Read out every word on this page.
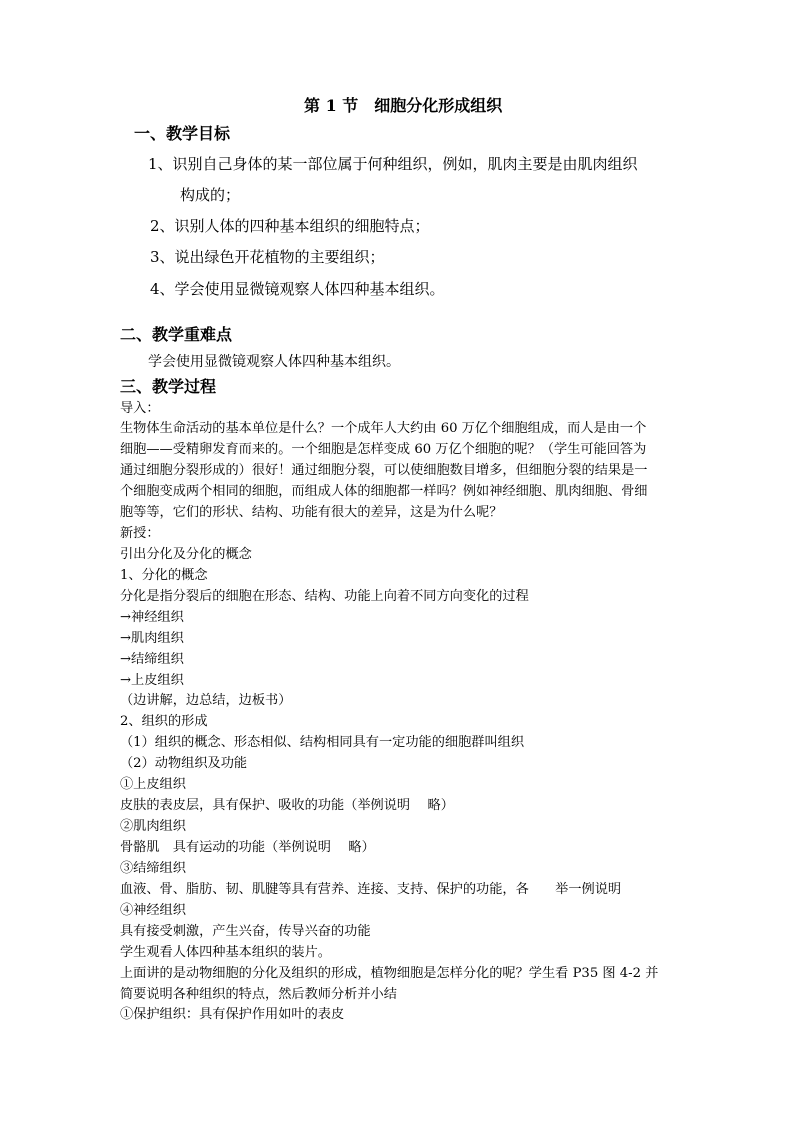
第 1 节　细胞分化形成组织
一、教学目标
1、识别自己身体的某一部位属于何种组织，例如，肌肉主要是由肌肉组织
构成的；
2、识别人体的四种基本组织的细胞特点；
3、说出绿色开花植物的主要组织；
4、学会使用显微镜观察人体四种基本组织。
二、教学重难点
学会使用显微镜观察人体四种基本组织。
三、教学过程
导入：
生物体生命活动的基本单位是什么？一个成年人大约由 60 万亿个细胞组成，而人是由一个
细胞——受精卵发育而来的。一个细胞是怎样变成 60 万亿个细胞的呢？（学生可能回答为
通过细胞分裂形成的）很好！通过细胞分裂，可以使细胞数目增多，但细胞分裂的结果是一
个细胞变成两个相同的细胞，而组成人体的细胞都一样吗？例如神经细胞、肌肉细胞、骨细
胞等等，它们的形状、结构、功能有很大的差异，这是为什么呢？
新授：
引出分化及分化的概念
1、分化的概念
分化是指分裂后的细胞在形态、结构、功能上向着不同方向变化的过程
→神经组织
→肌肉组织
→结缔组织
→上皮组织
（边讲解，边总结，边板书）
2、组织的形成
（1）组织的概念、形态相似、结构相同具有一定功能的细胞群叫组织
（2）动物组织及功能
①上皮组织
皮肤的表皮层，具有保护、吸收的功能（举例说明　 略）
②肌肉组织
骨骼肌　具有运动的功能（举例说明　 略）
③结缔组织
血液、骨、脂肪、韧、肌腱等具有营养、连接、支持、保护的功能，各　　举一例说明
④神经组织
具有接受刺激，产生兴奋，传导兴奋的功能
学生观看人体四种基本组织的装片。
上面讲的是动物细胞的分化及组织的形成，植物细胞是怎样分化的呢？学生看 P35 图 4-2 并
简要说明各种组织的特点，然后教师分析并小结
①保护组织：具有保护作用如叶的表皮
